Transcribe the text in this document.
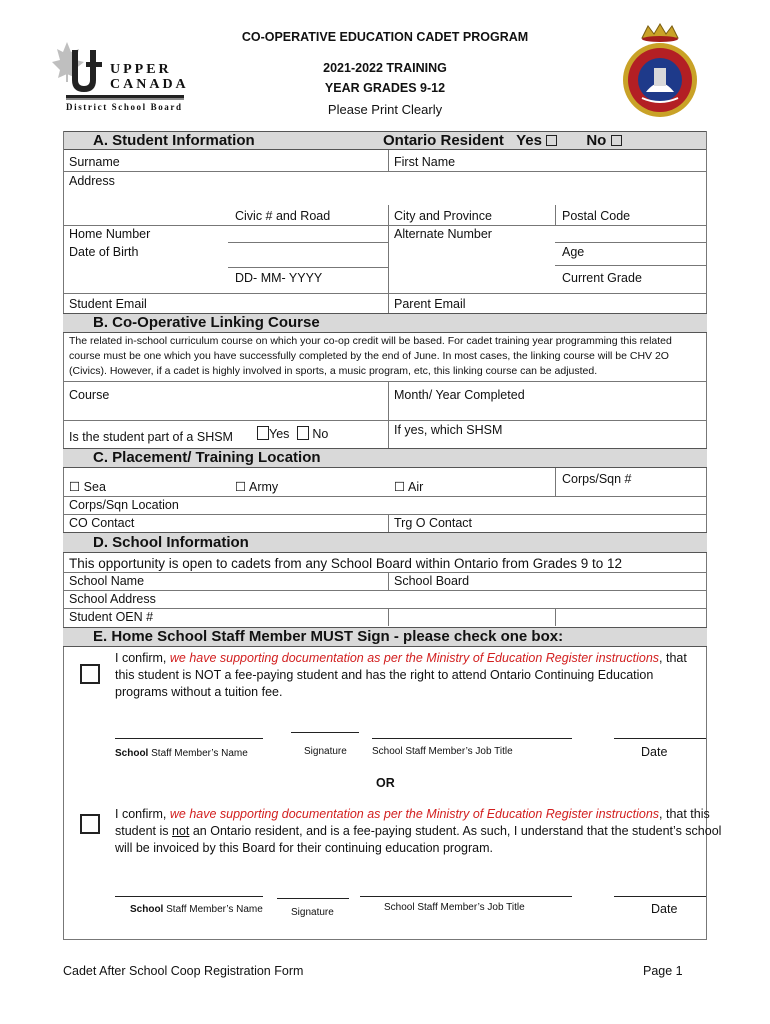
CO-OPERATIVE EDUCATION CADET PROGRAM
2021-2022 TRAINING
YEAR GRADES 9-12
Please Print Clearly
UPPER
CANADA
District School Board
A. Student Information	Ontario Resident Yes	No
Surname	First Name
Address
Civic # and Road	City and Province	Postal Code
Home Number	Alternate Number
Date of Birth	Age
DD- MM- YYYY	Current Grade
Student Email	Parent Email
B. Co-Operative Linking Course
The related in-school curriculum course on which your co-op credit will be based. For cadet training year programming this related course must be one which you have successfully completed by the end of June. In most cases, the linking course will be CHV 2O (Civics). However, if a cadet is highly involved in sports, a music program, etc, this linking course can be adjusted.
Course	Month/ Year Completed
Is the student part of a SHSM	Yes No	If yes, which SHSM
C. Placement/ Training Location
☐ Sea	☐ Army	☐ Air
Corps/Sqn #
Corps/Sqn Location
CO Contact	Trg O Contact
D. School Information
This opportunity is open to cadets from any School Board within Ontario from Grades 9 to 12
School Name	School Board
School Address
Student OEN #
E. Home School Staff Member MUST Sign - please check one box:
I confirm, we have supporting documentation as per the Ministry of Education Register instructions, that this student is NOT a fee-paying student and has the right to attend Ontario Continuing Education programs without a tuition fee.
School Staff Member’s Name	Signature	School Staff Member’s Job Title	Date
OR
I confirm, we have supporting documentation as per the Ministry of Education Register instructions, that this student is not an Ontario resident, and is a fee-paying student. As such, I understand that the student’s school will be invoiced by this Board for their continuing education program.
School Staff Member’s Name	Signature	School Staff Member’s Job Title	Date
Cadet After School Coop Registration Form	Page 1
